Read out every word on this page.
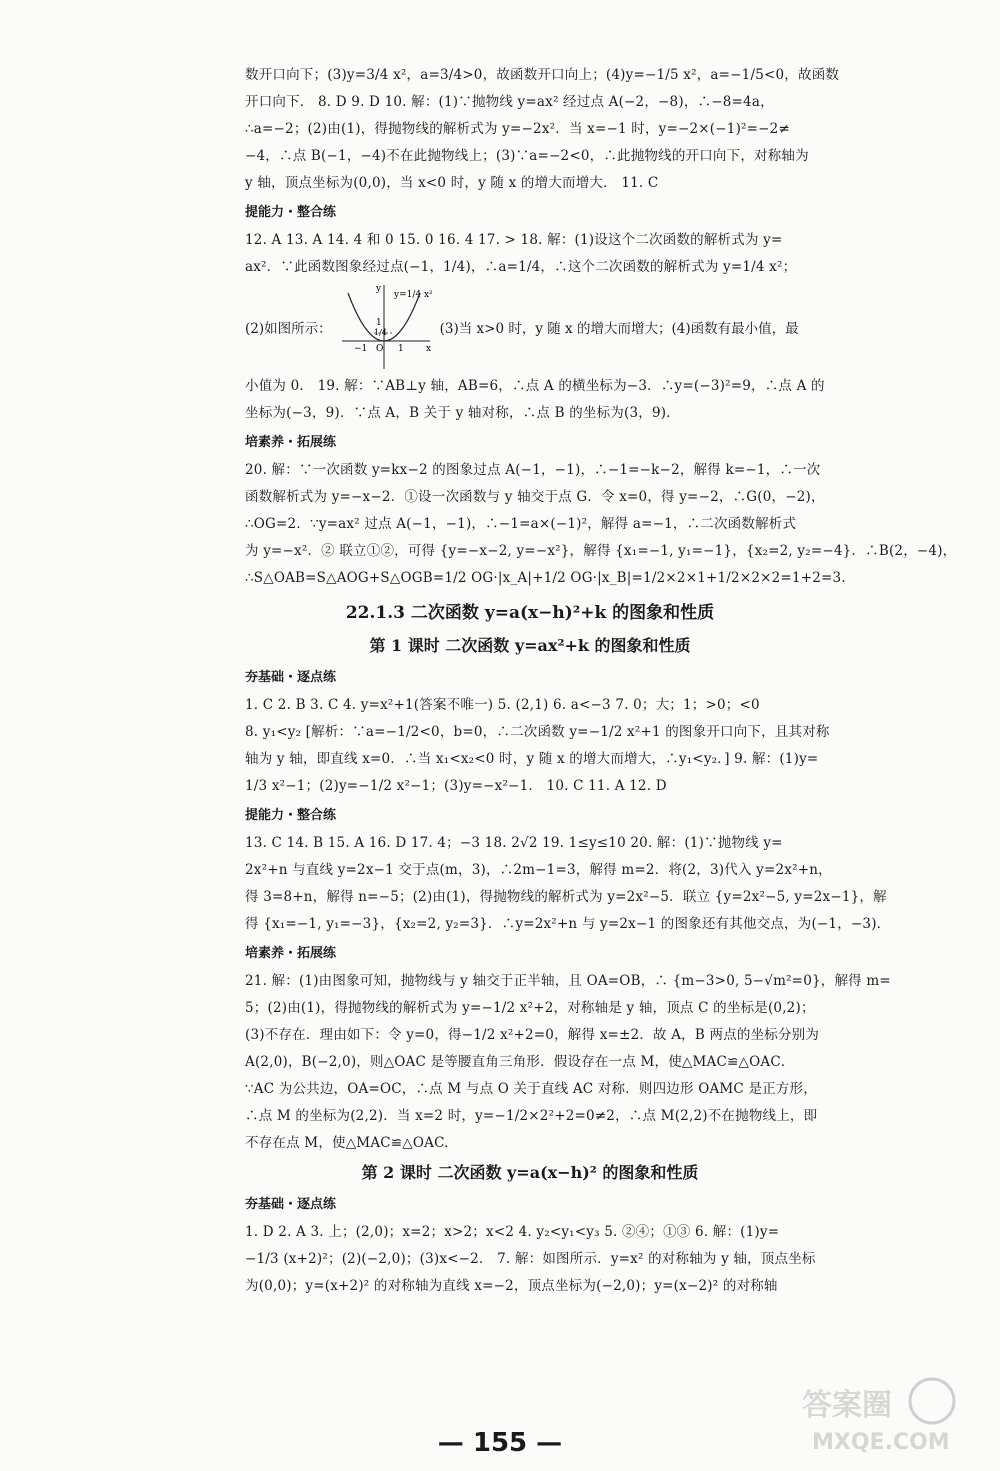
数开口向下；(3)y=3/4 x²，a=3/4>0，故函数开口向上；(4)y=−1/5 x²，a=−1/5<0，故函数

开口向下． 8. D 9. D 10. 解：(1)∵抛物线 y=ax² 经过点 A(−2，−8)，∴−8=4a，

∴a=−2；(2)由(1)，得抛物线的解析式为 y=−2x²．当 x=−1 时，y=−2×(−1)²=−2≠

−4，∴点 B(−1，−4)不在此抛物线上；(3)∵a=−2<0，∴此抛物线的开口向下，对称轴为

y 轴，顶点坐标为(0,0)，当 x<0 时，y 随 x 的增大而增大． 11. C

提能力・整合练

12. A 13. A 14. 4 和 0 15. 0 16. 4 17. > 18. 解：(1)设这个二次函数的解析式为 y=

ax²．∵此函数图象经过点(−1，1/4)，∴a=1/4，∴这个二次函数的解析式为 y=1/4 x²；

(2)如图所示：
y=1/4 x²
y
x
1
1/4
−1 O 1
(3)当 x>0 时，y 随 x 的增大而增大；(4)函数有最小值，最

小值为 0． 19. 解：∵AB⊥y 轴，AB=6，∴点 A 的横坐标为−3．∴y=(−3)²=9，∴点 A 的

坐标为(−3，9)．∵点 A，B 关于 y 轴对称，∴点 B 的坐标为(3，9)．

培素养・拓展练

20. 解：∵一次函数 y=kx−2 的图象过点 A(−1，−1)，∴−1=−k−2，解得 k=−1，∴一次

函数解析式为 y=−x−2．①设一次函数与 y 轴交于点 G．令 x=0，得 y=−2，∴G(0，−2)，

∴OG=2．∵y=ax² 过点 A(−1，−1)，∴−1=a×(−1)²，解得 a=−1，∴二次函数解析式

为 y=−x²．② 联立①②，可得 {y=−x−2, y=−x²}，解得 {x₁=−1, y₁=−1}，{x₂=2, y₂=−4}．∴B(2，−4)，

∴S△OAB=S△AOG+S△OGB=1/2 OG·|x_A|+1/2 OG·|x_B|=1/2×2×1+1/2×2×2=1+2=3.

22.1.3 二次函数 y=a(x−h)²+k 的图象和性质
第 1 课时 二次函数 y=ax²+k 的图象和性质
夯基础・逐点练

1. C 2. B 3. C 4. y=x²+1(答案不唯一) 5. (2,1) 6. a<−3 7. 0；大；1；>0；<0

8. y₁<y₂ [解析：∵a=−1/2<0，b=0，∴二次函数 y=−1/2 x²+1 的图象开口向下，且其对称

轴为 y 轴，即直线 x=0．∴当 x₁<x₂<0 时，y 随 x 的增大而增大，∴y₁<y₂．] 9. 解：(1)y=

1/3 x²−1；(2)y=−1/2 x²−1；(3)y=−x²−1． 10. C 11. A 12. D

提能力・整合练

13. C 14. B 15. A 16. D 17. 4；−3 18. 2√2 19. 1≤y≤10 20. 解：(1)∵抛物线 y=

2x²+n 与直线 y=2x−1 交于点(m，3)，∴2m−1=3，解得 m=2．将(2，3)代入 y=2x²+n，

得 3=8+n，解得 n=−5；(2)由(1)，得抛物线的解析式为 y=2x²−5．联立 {y=2x²−5, y=2x−1}，解

得 {x₁=−1, y₁=−3}，{x₂=2, y₂=3}．∴y=2x²+n 与 y=2x−1 的图象还有其他交点，为(−1，−3)．

培素养・拓展练

21. 解：(1)由图象可知，抛物线与 y 轴交于正半轴，且 OA=OB，∴ {m−3>0, 5−√m²=0}，解得 m=

5；(2)由(1)，得抛物线的解析式为 y=−1/2 x²+2，对称轴是 y 轴，顶点 C 的坐标是(0,2)；

(3)不存在．理由如下：令 y=0，得−1/2 x²+2=0，解得 x=±2．故 A，B 两点的坐标分别为

A(2,0)，B(−2,0)，则△OAC 是等腰直角三角形．假设存在一点 M，使△MAC≌△OAC．

∵AC 为公共边，OA=OC，∴点 M 与点 O 关于直线 AC 对称．则四边形 OAMC 是正方形，

∴点 M 的坐标为(2,2)．当 x=2 时，y=−1/2×2²+2=0≠2，∴点 M(2,2)不在抛物线上，即

不存在点 M，使△MAC≌△OAC.

第 2 课时 二次函数 y=a(x−h)² 的图象和性质
夯基础・逐点练

1. D 2. A 3. 上；(2,0)；x=2；x>2；x<2 4. y₂<y₁<y₃ 5. ②④；①③ 6. 解：(1)y=

−1/3 (x+2)²；(2)(−2,0)；(3)x<−2． 7. 解：如图所示．y=x² 的对称轴为 y 轴，顶点坐标

为(0,0)；y=(x+2)² 的对称轴为直线 x=−2，顶点坐标为(−2,0)；y=(x−2)² 的对称轴

— 155 —
答案圈
MXQE.COM
